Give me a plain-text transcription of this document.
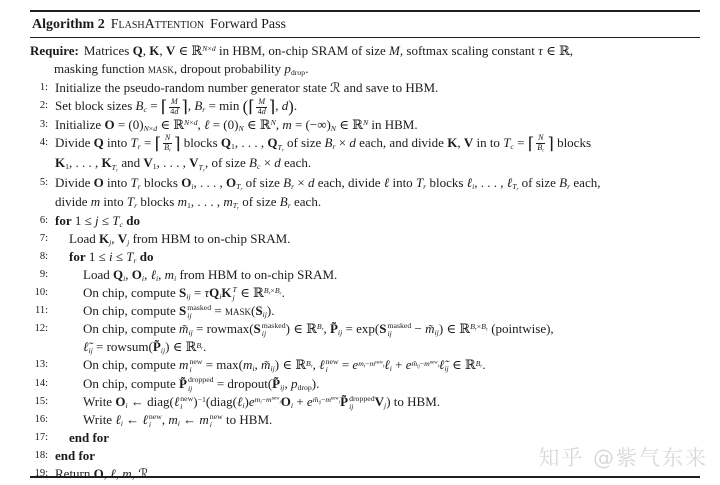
Algorithm 2 FlashAttention Forward Pass
Require: Matrices Q, K, V ∈ ℝ$^{N\times d}$ in HBM, on-chip SRAM of size M, softmax scaling constant τ ∈ ℝ,
masking function mask, dropout probability pdrop.
1: Initialize the pseudo-random number generator state ℛ and save to HBM.
2: Set block sizes Bc = ⌈ $\frac{M}{4d}$ ⌉, Br = min (⌈ $\frac{M}{4d}$ ⌉, d).
3: Initialize O = (0)N×d ∈ ℝ$^{N\times d}$, ℓ = (0)N ∈ ℝ$^N$, m = (−∞)N ∈ ℝ$^N$ in HBM.
4: Divide Q into Tr = ⌈ $\frac{N}{Br}$ ⌉ blocks Q1, . . . , QTr of size Br × d each, and divide K, V in to Tc = ⌈ $\frac{N}{Bc}$ ⌉ blocks
K1, . . . , KTc and V1, . . . , VTc, of size Bc × d each.
5: Divide O into Tr blocks Oi, . . . , OTr of size Br × d each, divide ℓ into Tr blocks ℓi, . . . , ℓTr of size Br each,
divide m into Tr blocks m1, . . . , mTr of size Br each.
6: for 1 ≤ j ≤ Tc do
7: Load Kj, Vj from HBM to on-chip SRAM.
8: for 1 ≤ i ≤ Tr do
9:	Load Qi, Oi, ℓi, mi from HBM to on-chip SRAM.
10:	On chip, compute Sij = τQiK T
j ∈ ℝ$^{Br\times Bc}$.
11:	On chip, compute S masked
ij = mask(Sij).
12:	On chip, compute m̃ij = rowmax(S masked
ij ) ∈ ℝ$^{Br}$, P̃ij = exp(S masked
ij − m̃ij) ∈ ℝ$^{Br\times Bc}$ (pointwise),
ℓ̃ij = rowsum(P̃ij) ∈ ℝ$^{Br}$.
13:	On chip, compute m new
i = max(mi, m̃ij) ∈ ℝ$^{Br}$, ℓ new
$i = e^{mi-m^{new}i}\ell i$ + $e^{m̃ij-m^{new}i}\ell̃ij$ ∈ ℝ$^{Br}$.
14:	On chip, compute P̃ dropped
ij = dropout(P̃ij, pdrop).
15:	Write Oi ← diag(ℓ new
i )$^{-1}(diag(\ell i)e^{mi-m^{new}i}Oi$ + $e^{m̃ij-m^{new}i}P̃$ dropped
ij Vj) to HBM.
16:	Write ℓi ← ℓ new
i , mi ← m new
i to HBM.
17: end for
18: end for
19: Return O, ℓ, m, ℛ.
知乎 @紫气东来
